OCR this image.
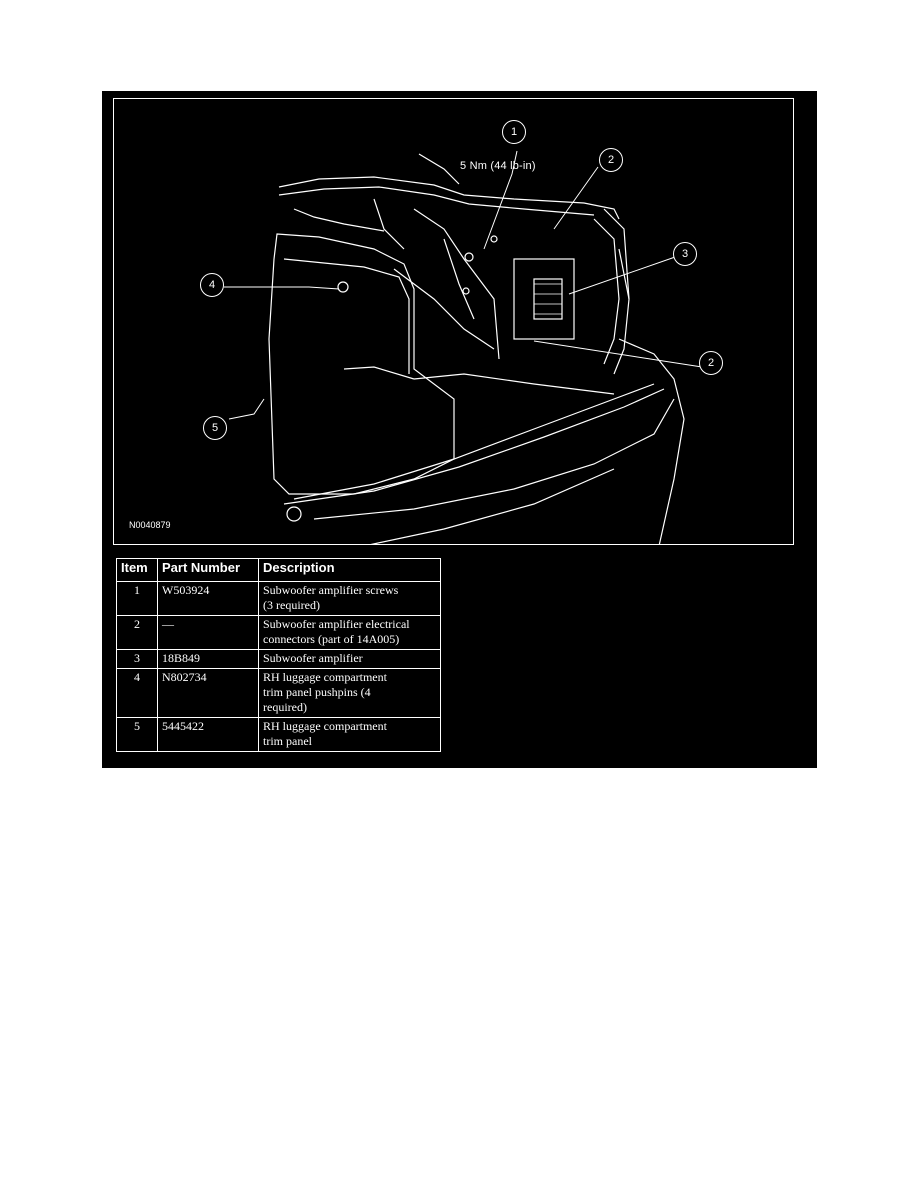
1
2
3
4
5
2
5 Nm (44 lb-in)
N0040879
Item	Part Number	Description
1	W503924	Subwoofer amplifier screws
(3 required)

2	—	Subwoofer amplifier electrical
connectors (part of 14A005)

3	18B849	Subwoofer amplifier

4	N802734	RH luggage compartment
trim panel pushpins (4
required)

5	5445422	RH luggage compartment
trim panel
